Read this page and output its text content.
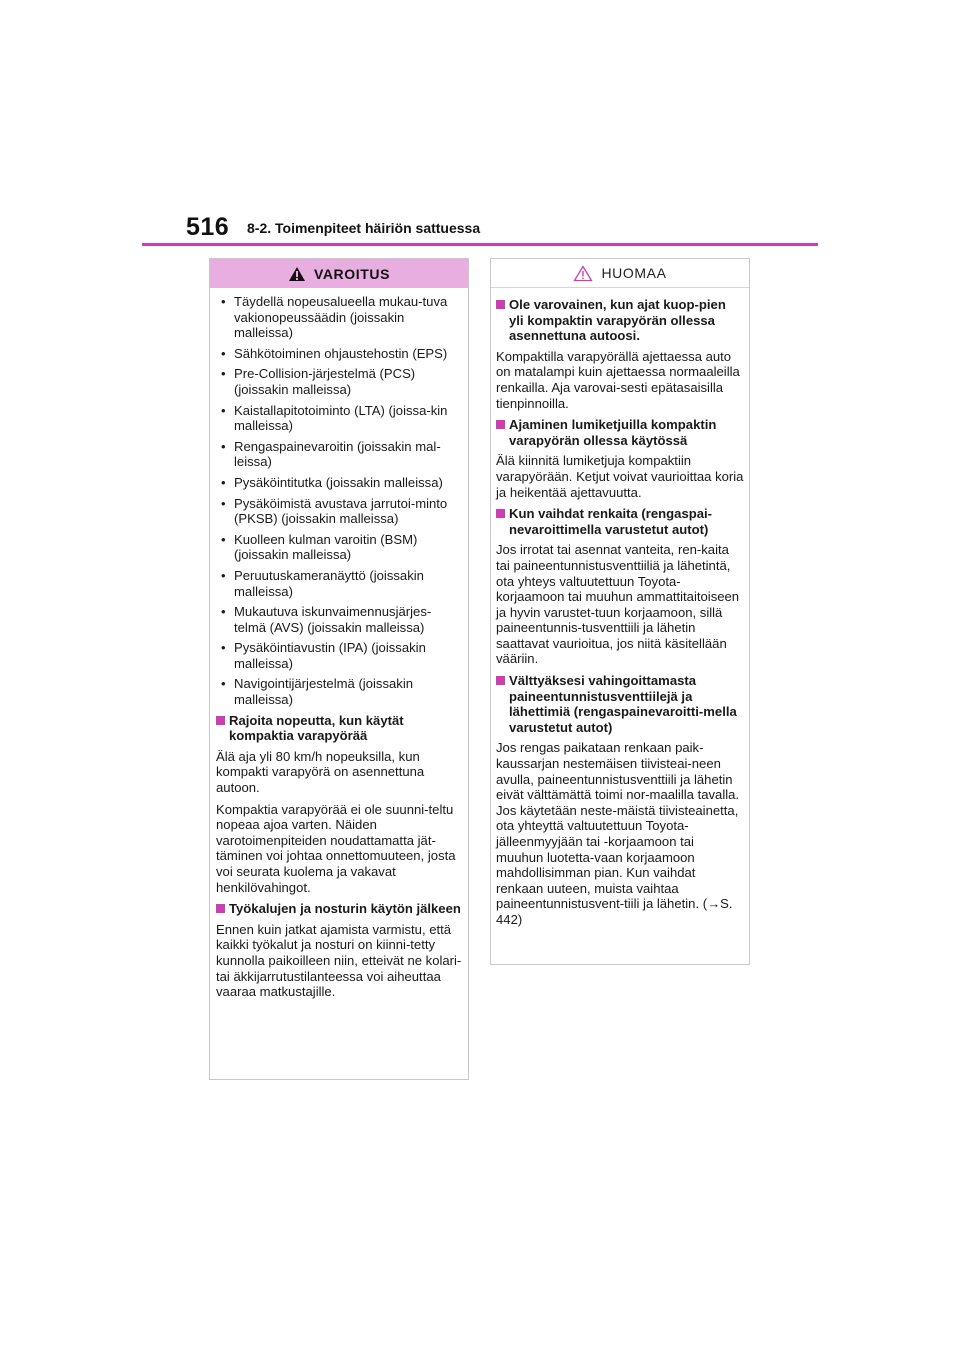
516 8-2. Toimenpiteet häiriön sattuessa
VAROITUS
• Täydellä nopeusalueella mukau-tuva vakionopeussäädin (joissakin malleissa)
• Sähkötoiminen ohjaustehostin (EPS)
• Pre-Collision-järjestelmä (PCS) (joissakin malleissa)
• Kaistallapitotoiminto (LTA) (joissa-kin malleissa)
• Rengaspainevaroitin (joissakin mal-leissa)
• Pysäköintitutka (joissakin malleissa)
• Pysäköimistä avustava jarrutoi-minto (PKSB) (joissakin malleissa)
• Kuolleen kulman varoitin (BSM) (joissakin malleissa)
• Peruutuskameranäyttö (joissakin malleissa)
• Mukautuva iskunvaimennusjärjes-telmä (AVS) (joissakin malleissa)
• Pysäköintiavustin (IPA) (joissakin malleissa)
• Navigointijärjestelmä (joissakin malleissa)
Rajoita nopeutta, kun käytät kompaktia varapyörää

Älä aja yli 80 km/h nopeuksilla, kun kompakti varapyörä on asennettuna autoon.

Kompaktia varapyörää ei ole suunni-teltu nopeaa ajoa varten. Näiden varotoimenpiteiden noudattamatta jät-täminen voi johtaa onnettomuuteen, josta voi seurata kuolema ja vakavat henkilövahingot.

Työkalujen ja nosturin käytön jälkeen

Ennen kuin jatkat ajamista varmistu, että kaikki työkalut ja nosturi on kiinni-tetty kunnolla paikoilleen niin, etteivät ne kolari- tai äkkijarrutustilanteessa voi aiheuttaa vaaraa matkustajille.

HUOMAA
Ole varovainen, kun ajat kuop-pien yli kompaktin varapyörän ollessa asennettuna autoosi.

Kompaktilla varapyörällä ajettaessa auto on matalampi kuin ajettaessa normaaleilla renkailla. Aja varovai-sesti epätasaisilla tienpinnoilla.

Ajaminen lumiketjuilla kompaktin varapyörän ollessa käytössä

Älä kiinnitä lumiketjuja kompaktiin varapyörään. Ketjut voivat vaurioittaa koria ja heikentää ajettavuutta.

Kun vaihdat renkaita (rengaspai-nevaroittimella varustetut autot)

Jos irrotat tai asennat vanteita, ren-kaita tai paineentunnistusventtiiliä ja lähetintä, ota yhteys valtuutettuun Toyota-korjaamoon tai muuhun ammattitaitoiseen ja hyvin varustet-tuun korjaamoon, sillä paineentunnis-tusventtiili ja lähetin saattavat vaurioitua, jos niitä käsitellään vääriin.

Välttyäksesi vahingoittamasta paineentunnistusventtiilejä ja lähettimiä (rengaspainevaroitti-mella varustetut autot)

Jos rengas paikataan renkaan paik-kaussarjan nestemäisen tiivisteai-neen avulla, paineentunnistusventtiili ja lähetin eivät välttämättä toimi nor-maalilla tavalla. Jos käytetään neste-mäistä tiivisteainetta, ota yhteyttä valtuutettuun Toyota-jälleenmyyjään tai -korjaamoon tai muuhun luotetta-vaan korjaamoon mahdollisimman pian. Kun vaihdat renkaan uuteen, muista vaihtaa paineentunnistusvent-tiili ja lähetin. (→S. 442)
